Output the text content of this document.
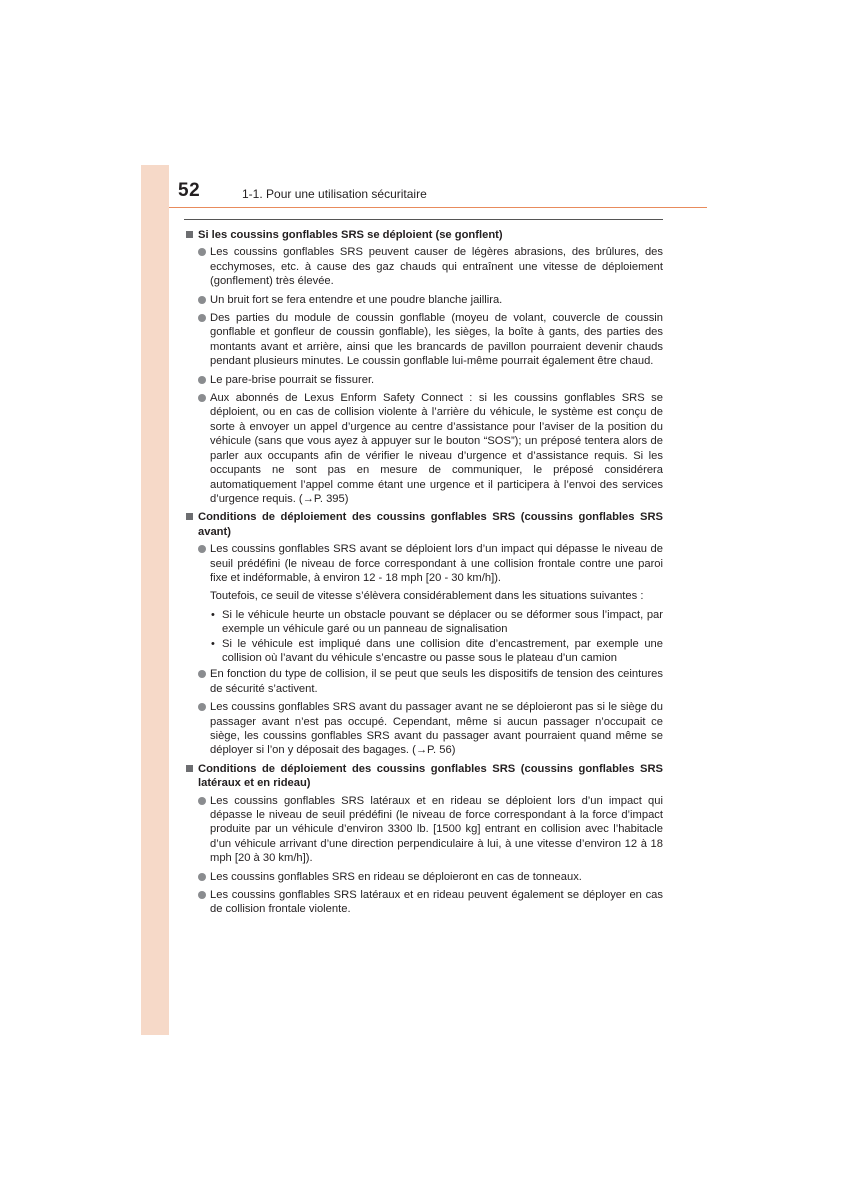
52	1-1. Pour une utilisation sécuritaire
Si les coussins gonflables SRS se déploient (se gonflent)
Les coussins gonflables SRS peuvent causer de légères abrasions, des brûlures, des ecchymoses, etc. à cause des gaz chauds qui entraînent une vitesse de déploiement (gonflement) très élevée.
Un bruit fort se fera entendre et une poudre blanche jaillira.
Des parties du module de coussin gonflable (moyeu de volant, couvercle de coussin gonflable et gonfleur de coussin gonflable), les sièges, la boîte à gants, des parties des montants avant et arrière, ainsi que les brancards de pavillon pourraient devenir chauds pendant plusieurs minutes. Le coussin gonflable lui-même pourrait également être chaud.
Le pare-brise pourrait se fissurer.
Aux abonnés de Lexus Enform Safety Connect : si les coussins gonflables SRS se déploient, ou en cas de collision violente à l’arrière du véhicule, le système est conçu de sorte à envoyer un appel d’urgence au centre d’assistance pour l’aviser de la position du véhicule (sans que vous ayez à appuyer sur le bouton “SOS”); un préposé tentera alors de parler aux occupants afin de vérifier le niveau d’urgence et d’assistance requis. Si les occupants ne sont pas en mesure de communiquer, le préposé considérera automatiquement l’appel comme étant une urgence et il participera à l’envoi des services d’urgence requis. (→P. 395)
Conditions de déploiement des coussins gonflables SRS (coussins gonflables SRS avant)
Les coussins gonflables SRS avant se déploient lors d’un impact qui dépasse le niveau de seuil prédéfini (le niveau de force correspondant à une collision frontale contre une paroi fixe et indéformable, à environ 12 - 18 mph [20 - 30 km/h]).

Toutefois, ce seuil de vitesse s’élèvera considérablement dans les situations suivantes :

• Si le véhicule heurte un obstacle pouvant se déplacer ou se déformer sous l’impact, par exemple un véhicule garé ou un panneau de signalisation
• Si le véhicule est impliqué dans une collision dite d’encastrement, par exemple une collision où l’avant du véhicule s’encastre ou passe sous le plateau d’un camion
En fonction du type de collision, il se peut que seuls les dispositifs de tension des ceintures de sécurité s’activent.
Les coussins gonflables SRS avant du passager avant ne se déploieront pas si le siège du passager avant n’est pas occupé. Cependant, même si aucun passager n’occupait ce siège, les coussins gonflables SRS avant du passager avant pourraient quand même se déployer si l’on y déposait des bagages. (→P. 56)
Conditions de déploiement des coussins gonflables SRS (coussins gonflables SRS latéraux et en rideau)
Les coussins gonflables SRS latéraux et en rideau se déploient lors d’un impact qui dépasse le niveau de seuil prédéfini (le niveau de force correspondant à la force d’impact produite par un véhicule d’environ 3300 lb. [1500 kg] entrant en collision avec l’habitacle d’un véhicule arrivant d’une direction perpendiculaire à lui, à une vitesse d’environ 12 à 18 mph [20 à 30 km/h]).
Les coussins gonflables SRS en rideau se déploieront en cas de tonneaux.
Les coussins gonflables SRS latéraux et en rideau peuvent également se déployer en cas de collision frontale violente.
